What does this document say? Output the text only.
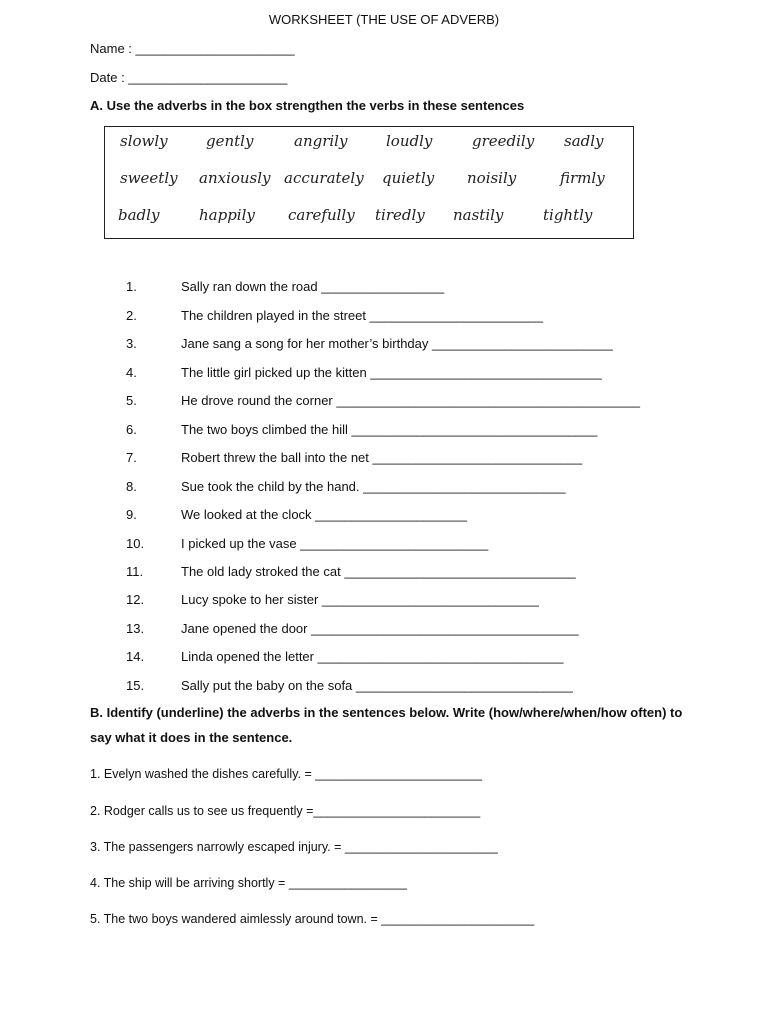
WORKSHEET (THE USE OF ADVERB)
Name : ______________________
Date : ______________________
A. Use the adverbs in the box strengthen the verbs in these sentences
slowly	gently	angrily	loudly	greedily sadly
sweetly anxiously accurately quietly noisily	firmly
badly	happily carefully tiredly nastily	tightly
1.	Sally ran down the road _________________
2.	The children played in the street ________________________
3.	Jane sang a song for her mother’s birthday _________________________
4.	The little girl picked up the kitten ________________________________
5.	He drove round the corner __________________________________________
6.	The two boys climbed the hill __________________________________
7.	Robert threw the ball into the net _____________________________
8.	Sue took the child by the hand. ____________________________
9.	We looked at the clock _____________________
10.	I picked up the vase __________________________
11.	The old lady stroked the cat ________________________________
12.	Lucy spoke to her sister ______________________________
13.	Jane opened the door _____________________________________
14.	Linda opened the letter __________________________________
15.	Sally put the baby on the sofa ______________________________
B. Identify (underline) the adverbs in the sentences below. Write (how/where/when/how often) to
say what it does in the sentence.
1. Evelyn washed the dishes carefully. = ________________________
2. Rodger calls us to see us frequently =________________________
3. The passengers narrowly escaped injury. = ______________________
4. The ship will be arriving shortly = _________________
5. The two boys wandered aimlessly around town. = ______________________
